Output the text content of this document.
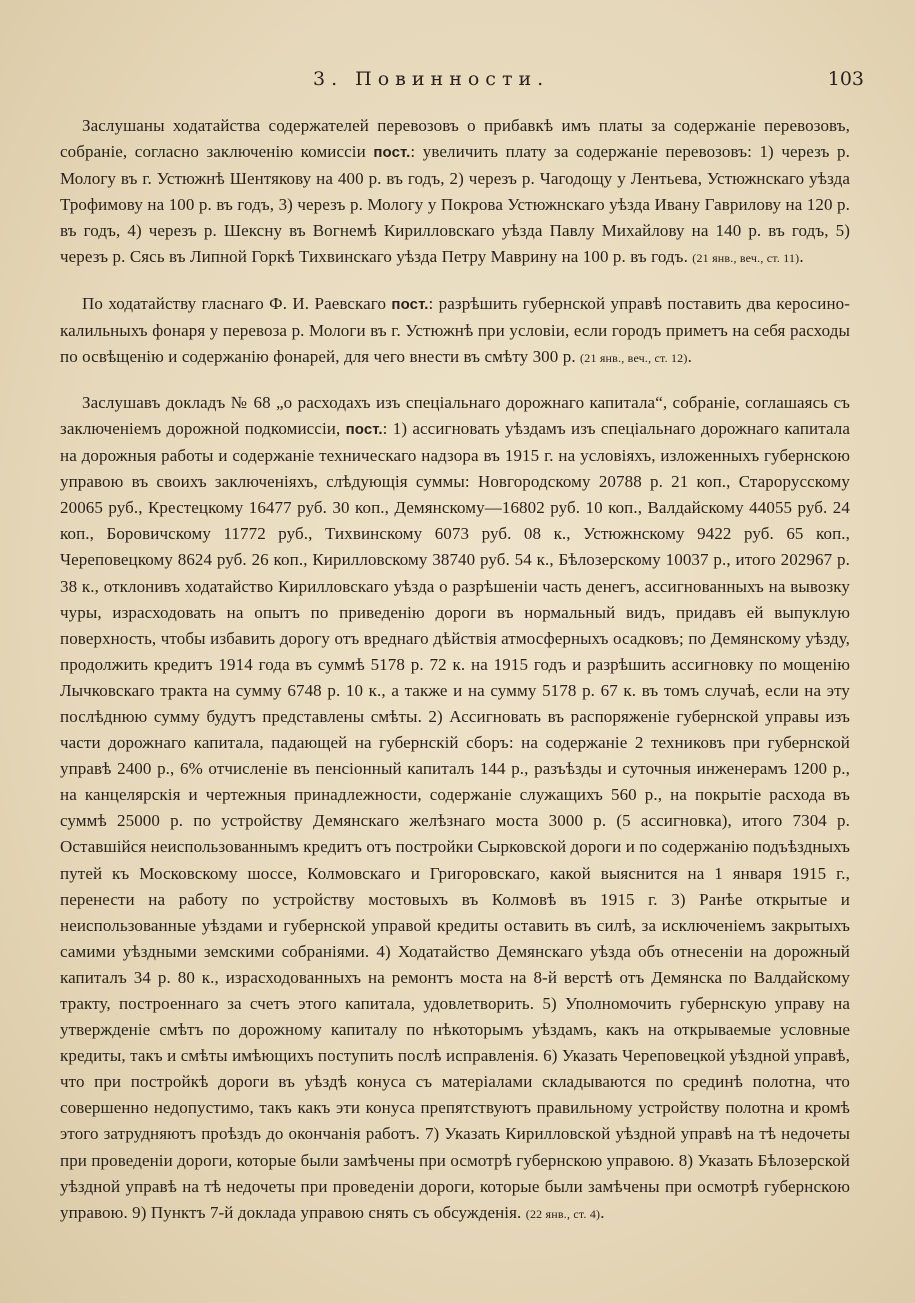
3. Повинности.	103

Заслушаны ходатайства содержателей перевозовъ о прибавкѣ имъ платы за содержаніе перевозовъ, собраніе, согласно заключенію комиссіи пост.: увеличить плату за содержаніе перевозовъ: 1) черезъ р. Мологу въ г. Устюжнѣ Шентякову на 400 р. въ годъ, 2) черезъ р. Чагодощу у Лентьева, Устюжнскаго уѣзда Трофимову на 100 р. въ годъ, 3) черезъ р. Мологу у Покрова Устюжнскаго уѣзда Ивану Гаврилову на 120 р. въ годъ, 4) черезъ р. Шексну въ Вогнемѣ Кирилловскаго уѣзда Павлу Михайлову на 140 р. въ годъ, 5) черезъ р. Сясь въ Липной Горкѣ Тихвинскаго уѣзда Петру Маврину на 100 р. въ годъ. (21 янв., веч., ст. 11).

По ходатайству гласнаго Ф. И. Раевскаго пост.: разрѣшить губернской управѣ поставить два керосино-калильныхъ фонаря у перевоза р. Мологи въ г. Устюжнѣ при условіи, если городъ приметъ на себя расходы по освѣщенію и содержанію фонарей, для чего внести въ смѣту 300 р. (21 янв., веч., ст. 12).

Заслушавъ докладъ № 68 „о расходахъ изъ спеціальнаго дорожнаго капитала“, собраніе, соглашаясь съ заключеніемъ дорожной подкомиссіи, пост.: 1) ассигновать уѣздамъ изъ спеціальнаго дорожнаго капитала на дорожныя работы и содержаніе техническаго надзора въ 1915 г. на условіяхъ, изложенныхъ губернскою управою въ своихъ заключеніяхъ, слѣдующія суммы: Новгородскому 20788 р. 21 коп., Старорусскому 20065 руб., Крестецкому 16477 руб. 30 коп., Демянскому—16802 руб. 10 коп., Валдайскому 44055 руб. 24 коп., Боровичскому 11772 руб., Тихвинскому 6073 руб. 08 к., Устюжнскому 9422 руб. 65 коп., Череповецкому 8624 руб. 26 коп., Кирилловскому 38740 руб. 54 к., Бѣлозерскому 10037 р., итого 202967 р. 38 к., отклонивъ ходатайство Кирилловскаго уѣзда о разрѣшеніи часть денегъ, ассигнованныхъ на вывозку чуры, израсходовать на опытъ по приведенію дороги въ нормальный видъ, придавъ ей выпуклую поверхность, чтобы избавить дорогу отъ вреднаго дѣйствія атмосферныхъ осадковъ; по Демянскому уѣзду, продолжить кредитъ 1914 года въ суммѣ 5178 р. 72 к. на 1915 годъ и разрѣшить ассигновку по мощенію Лычковскаго тракта на сумму 6748 р. 10 к., а также и на сумму 5178 р. 67 к. въ томъ случаѣ, если на эту послѣднюю сумму будутъ представлены смѣты. 2) Ассигновать въ распоряженіе губернской управы изъ части дорожнаго капитала, падающей на губернскій сборъ: на содержаніе 2 техниковъ при губернской управѣ 2400 р., 6% отчисленіе въ пенсіонный капиталъ 144 р., разъѣзды и суточныя инженерамъ 1200 р., на канцелярскія и чертежныя принадлежности, содержаніе служащихъ 560 р., на покрытіе расхода въ суммѣ 25000 р. по устройству Демянскаго желѣзнаго моста 3000 р. (5 ассигновка), итого 7304 р. Оставшійся неиспользованнымъ кредитъ отъ постройки Сырковской дороги и по содержанію подъѣздныхъ путей къ Московскому шоссе, Колмовскаго и Григоровскаго, какой выяснится на 1 января 1915 г., перенести на работу по устройству мостовыхъ въ Колмовѣ въ 1915 г. 3) Ранѣе открытые и неиспользованные уѣздами и губернской управой кредиты оставить въ силѣ, за исключеніемъ закрытыхъ самими уѣздными земскими собраніями. 4) Ходатайство Демянскаго уѣзда объ отнесеніи на дорожный капиталъ 34 р. 80 к., израсходованныхъ на ремонтъ моста на 8-й верстѣ отъ Демянска по Валдайскому тракту, построеннаго за счетъ этого капитала, удовлетворить. 5) Уполномочить губернскую управу на утвержденіе смѣтъ по дорожному капиталу по нѣкоторымъ уѣздамъ, какъ на открываемые условные кредиты, такъ и смѣты имѣющихъ поступить послѣ исправленія. 6) Указать Череповецкой уѣздной управѣ, что при постройкѣ дороги въ уѣздѣ конуса съ матеріалами складываются по срединѣ полотна, что совершенно недопустимо, такъ какъ эти конуса препятствуютъ правильному устройству полотна и кромѣ этого затрудняютъ проѣздъ до окончанія работъ. 7) Указать Кирилловской уѣздной управѣ на тѣ недочеты при проведеніи дороги, которые были замѣчены при осмотрѣ губернскою управою. 8) Указать Бѣлозерской уѣздной управѣ на тѣ недочеты при проведеніи дороги, которые были замѣчены при осмотрѣ губернскою управою. 9) Пунктъ 7-й доклада управою снять съ обсужденія. (22 янв., ст. 4).
